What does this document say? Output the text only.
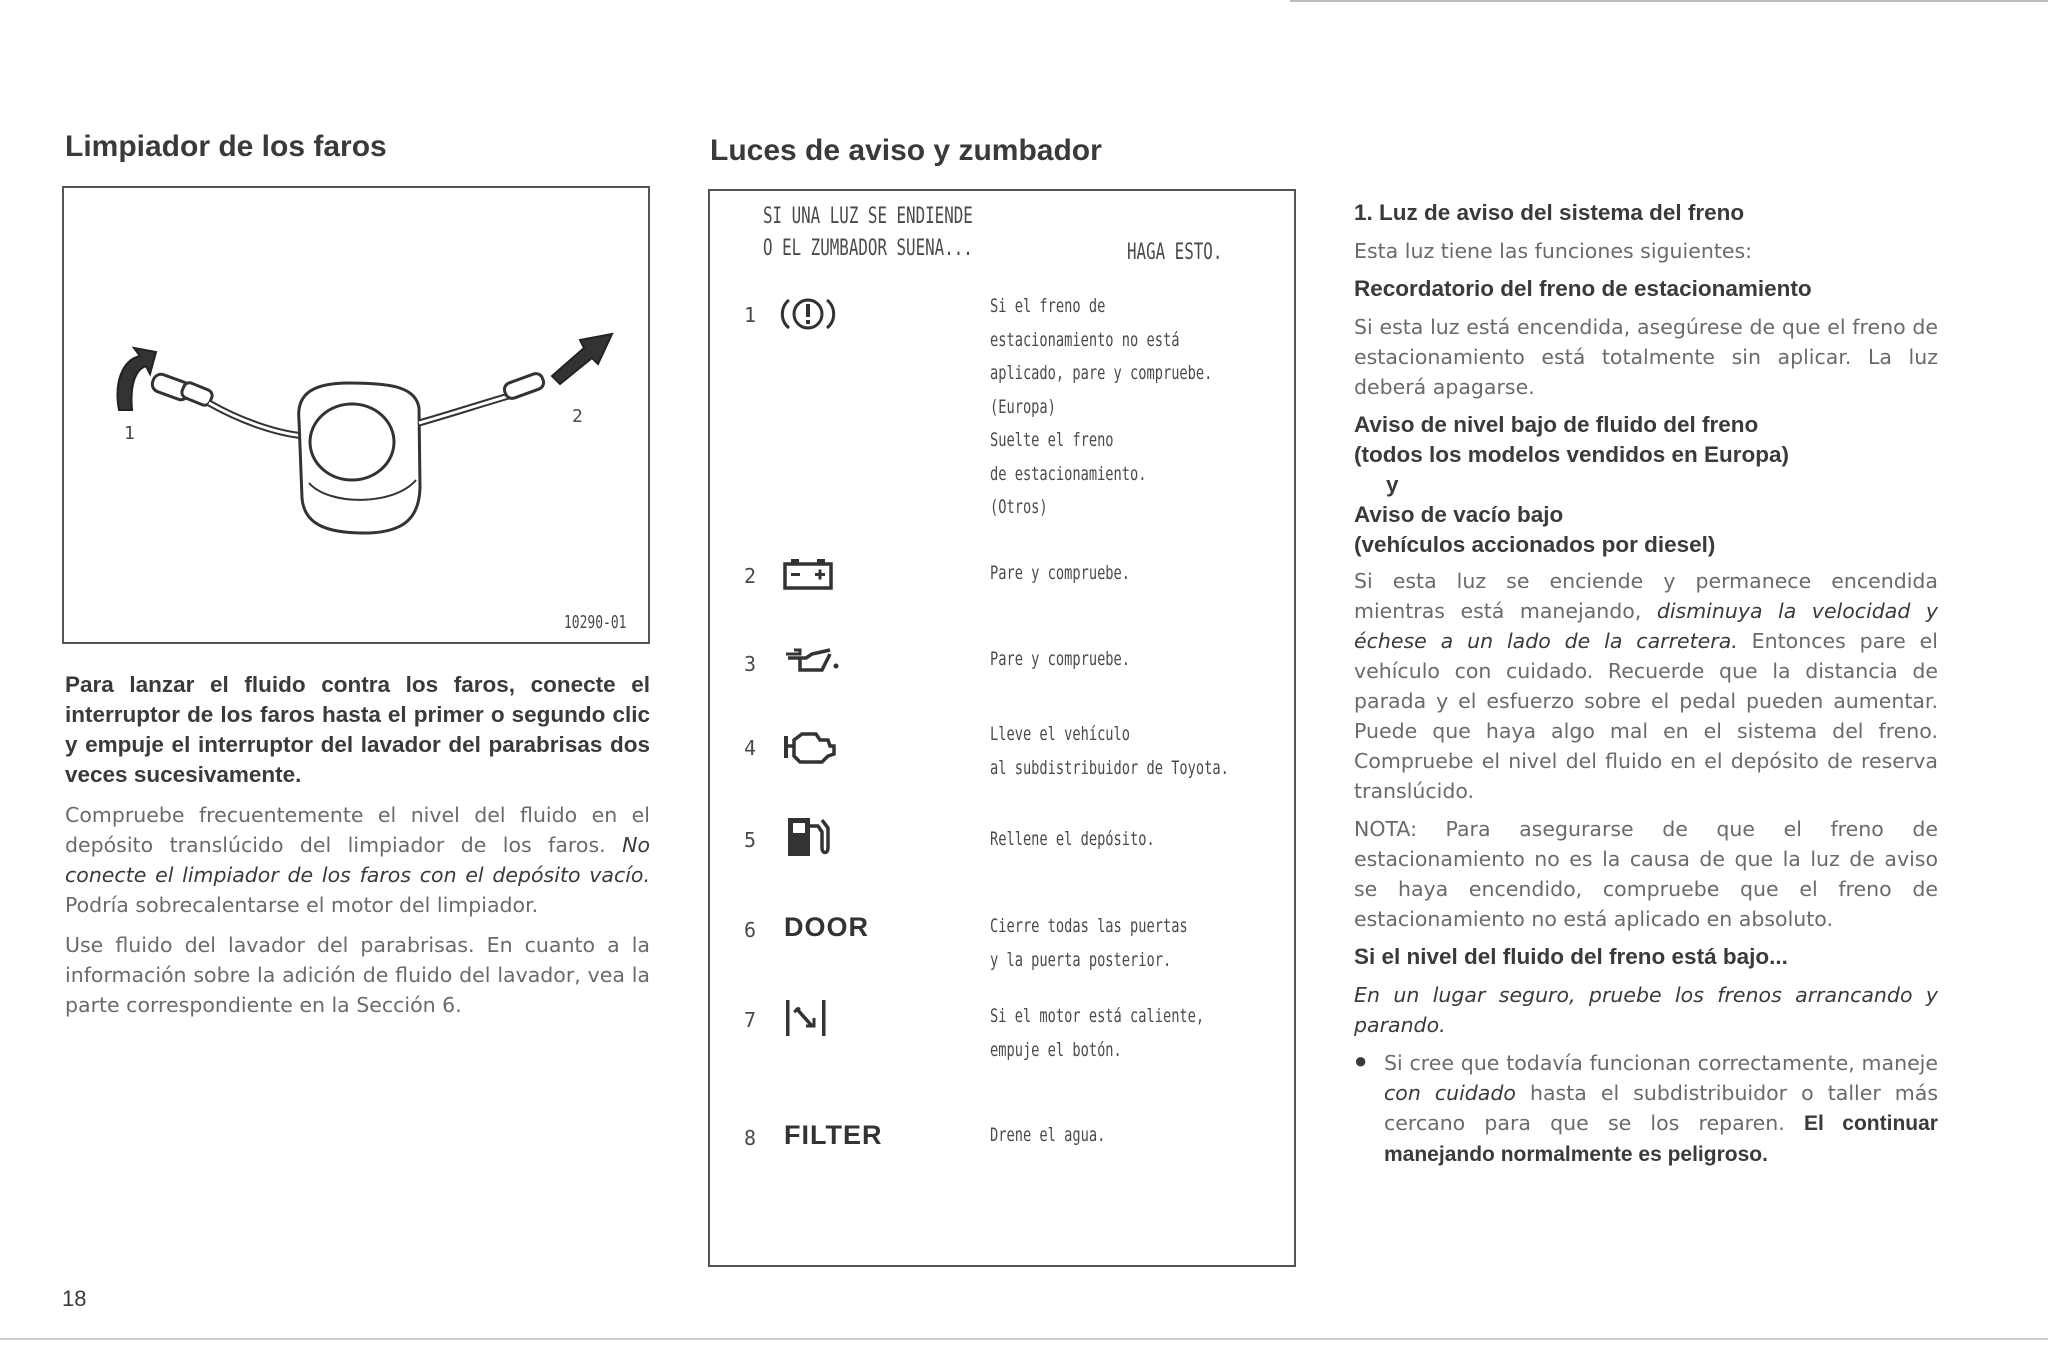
Limpiador de los faros
1
2
10290-01

Para lanzar el fluido contra los faros, conecte el interruptor de los faros hasta el primer o segundo clic y empuje el interruptor del lavador del parabrisas dos veces sucesivamente.

Compruebe frecuentemente el nivel del fluido en el depósito translúcido del limpiador de los faros. No conecte el limpiador de los faros con el depósito vacío. Podría sobrecalentarse el motor del limpiador.

Use fluido del lavador del parabrisas. En cuanto a la información sobre la adición de fluido del lavador, vea la parte correspondiente en la Sección 6.

18
Luces de aviso y zumbador
SI UNA LUZ SE ENDIENDE
O EL ZUMBADOR SUENA...	HAGA ESTO.
1	Si el freno de
estacionamiento no está
aplicado, pare y compruebe.
(Europa)
Suelte el freno
de estacionamiento.
(Otros)
2	Pare y compruebe.
3	Pare y compruebe.
4
Lleve el vehículo
al subdistribuidor de Toyota.
5	Rellene el depósito.
6 DOOR	Cierre todas las puertas
y la puerta posterior.
7	Si el motor está caliente,
empuje el botón.
8 FILTER	Drene el agua.
1. Luz de aviso del sistema del freno
Esta luz tiene las funciones siguientes:
Recordatorio del freno de estacionamiento
Si esta luz está encendida, asegúrese de que el freno de estacionamiento está totalmente sin aplicar. La luz deberá apagarse.
Aviso de nivel bajo de fluido del freno
(todos los modelos vendidos en Europa)
y
Aviso de vacío bajo
(vehículos accionados por diesel)
Si esta luz se enciende y permanece encendida mientras está manejando, disminuya la velocidad y échese a un lado de la carretera. Entonces pare el vehículo con cuidado. Recuerde que la distancia de parada y el esfuerzo sobre el pedal pueden aumentar. Puede que haya algo mal en el sistema del freno. Compruebe el nivel del fluido en el depósito de reserva translúcido.
NOTA: Para asegurarse de que el freno de estacionamiento no es la causa de que la luz de aviso se haya encendido, compruebe que el freno de estacionamiento no está aplicado en absoluto.
Si el nivel del fluido del freno está bajo...
En un lugar seguro, pruebe los frenos arrancando y parando.
● Si cree que todavía funcionan correctamente, maneje con cuidado hasta el subdistribuidor o taller más cercano para que se los reparen. El continuar manejando normalmente es peligroso.
